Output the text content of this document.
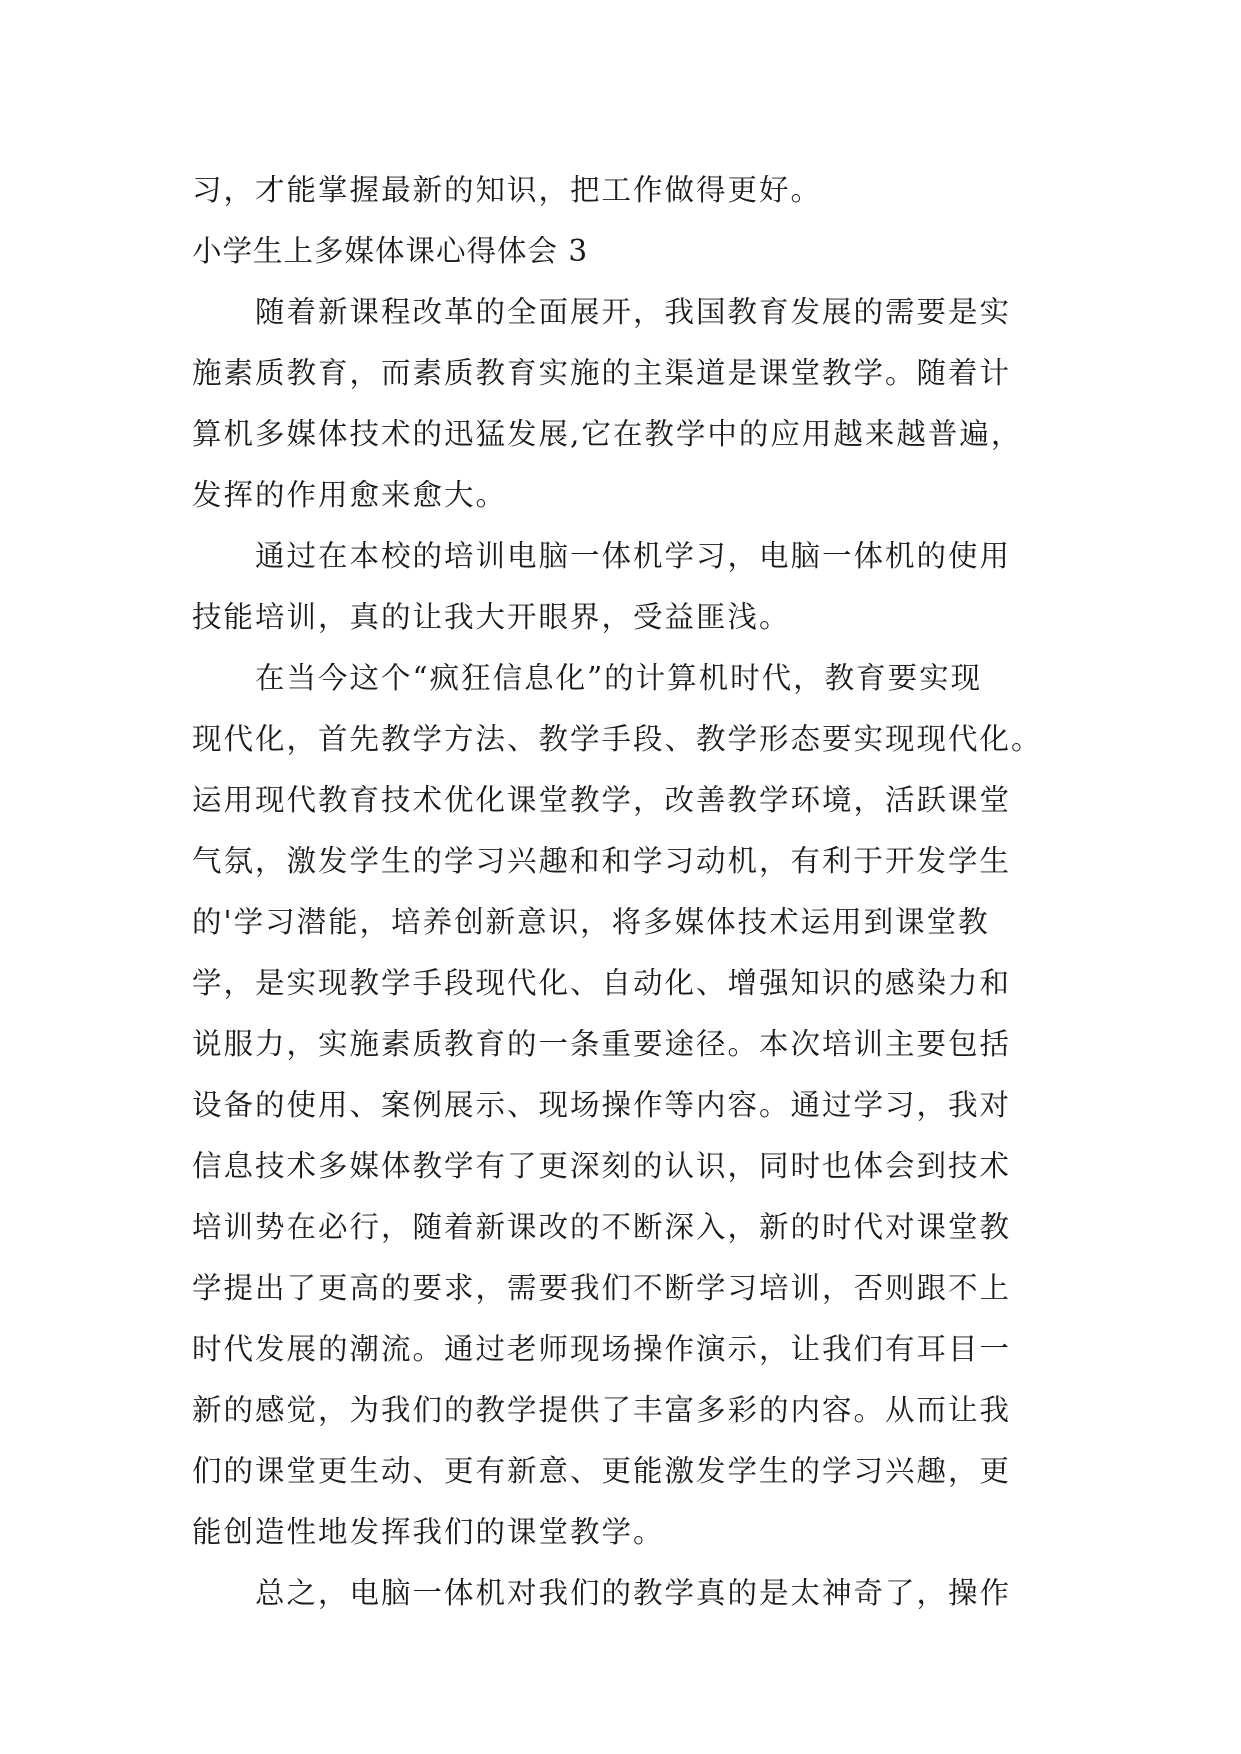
习，才能掌握最新的知识，把工作做得更好。
小学生上多媒体课心得体会 3
随着新课程改革的全面展开，我国教育发展的需要是实
施素质教育，而素质教育实施的主渠道是课堂教学。随着计
算机多媒体技术的迅猛发展,它在教学中的应用越来越普遍，
发挥的作用愈来愈大。
通过在本校的培训电脑一体机学习，电脑一体机的使用
技能培训，真的让我大开眼界，受益匪浅。
在当今这个“疯狂信息化”的计算机时代，教育要实现
现代化，首先教学方法、教学手段、教学形态要实现现代化。
运用现代教育技术优化课堂教学，改善教学环境，活跃课堂
气氛，激发学生的学习兴趣和和学习动机，有利于开发学生
的'学习潜能，培养创新意识，将多媒体技术运用到课堂教
学，是实现教学手段现代化、自动化、增强知识的感染力和
说服力，实施素质教育的一条重要途径。本次培训主要包括
设备的使用、案例展示、现场操作等内容。通过学习，我对
信息技术多媒体教学有了更深刻的认识，同时也体会到技术
培训势在必行，随着新课改的不断深入，新的时代对课堂教
学提出了更高的要求，需要我们不断学习培训，否则跟不上
时代发展的潮流。通过老师现场操作演示，让我们有耳目一
新的感觉，为我们的教学提供了丰富多彩的内容。从而让我
们的课堂更生动、更有新意、更能激发学生的学习兴趣，更
能创造性地发挥我们的课堂教学。
总之，电脑一体机对我们的教学真的是太神奇了，操作
